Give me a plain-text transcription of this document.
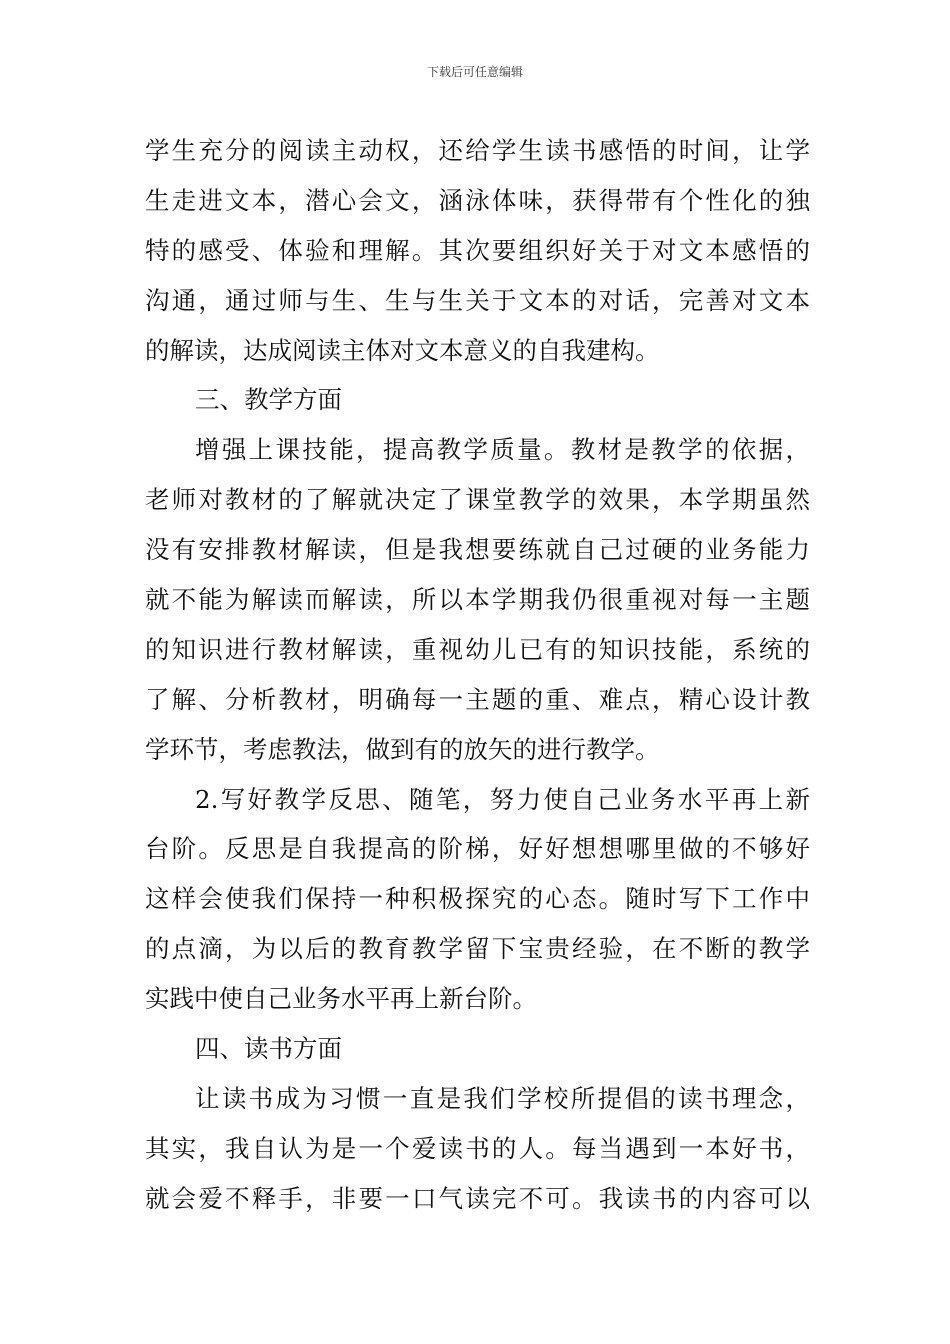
下载后可任意编辑
学生充分的阅读主动权，还给学生读书感悟的时间，让学
生走进文本，潜心会文，涵泳体味，获得带有个性化的独
特的感受、体验和理解。其次要组织好关于对文本感悟的
沟通，通过师与生、生与生关于文本的对话，完善对文本
的解读，达成阅读主体对文本意义的自我建构。
三、教学方面
增强上课技能，提高教学质量。教材是教学的依据，
老师对教材的了解就决定了课堂教学的效果，本学期虽然
没有安排教材解读，但是我想要练就自己过硬的业务能力
就不能为解读而解读，所以本学期我仍很重视对每一主题
的知识进行教材解读，重视幼儿已有的知识技能，系统的
了解、分析教材，明确每一主题的重、难点，精心设计教
学环节，考虑教法，做到有的放矢的进行教学。
2.写好教学反思、随笔，努力使自己业务水平再上新
台阶。反思是自我提高的阶梯，好好想想哪里做的不够好
这样会使我们保持一种积极探究的心态。随时写下工作中
的点滴，为以后的教育教学留下宝贵经验，在不断的教学
实践中使自己业务水平再上新台阶。
四、读书方面
让读书成为习惯一直是我们学校所提倡的读书理念，
其实，我自认为是一个爱读书的人。每当遇到一本好书，
就会爱不释手，非要一口气读完不可。我读书的内容可以
